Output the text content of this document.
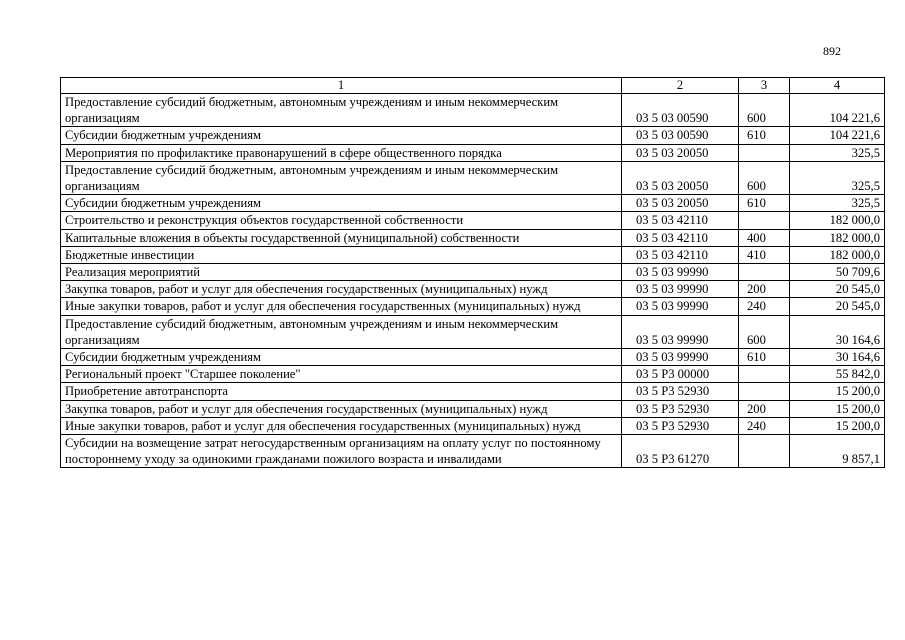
892
1	2	3	4
Предоставление субсидий бюджетным, автономным учреждениям и иным некоммерческим организациям	03 5 03 00590	600	104 221,6
Субсидии бюджетным учреждениям	03 5 03 00590	610	104 221,6
Мероприятия по профилактике правонарушений в сфере общественного порядка	03 5 03 20050		325,5
Предоставление субсидий бюджетным, автономным учреждениям и иным некоммерческим организациям	03 5 03 20050	600	325,5
Субсидии бюджетным учреждениям	03 5 03 20050	610	325,5
Строительство и реконструкция объектов государственной собственности	03 5 03 42110		182 000,0
Капитальные вложения в объекты государственной (муниципальной) собственности	03 5 03 42110	400	182 000,0
Бюджетные инвестиции	03 5 03 42110	410	182 000,0
Реализация мероприятий	03 5 03 99990		50 709,6
Закупка товаров, работ и услуг для обеспечения государственных (муниципальных) нужд	03 5 03 99990	200	20 545,0
Иные закупки товаров, работ и услуг для обеспечения государственных (муниципальных) нужд	03 5 03 99990	240	20 545,0
Предоставление субсидий бюджетным, автономным учреждениям и иным некоммерческим организациям	03 5 03 99990	600	30 164,6
Субсидии бюджетным учреждениям	03 5 03 99990	610	30 164,6
Региональный проект "Старшее поколение"	03 5 Р3 00000		55 842,0
Приобретение автотранспорта	03 5 Р3 52930		15 200,0
Закупка товаров, работ и услуг для обеспечения государственных (муниципальных) нужд	03 5 Р3 52930	200	15 200,0
Иные закупки товаров, работ и услуг для обеспечения государственных (муниципальных) нужд	03 5 Р3 52930	240	15 200,0
Субсидии на возмещение затрат негосударственным организациям на оплату услуг по постоянному постороннему уходу за одинокими гражданами пожилого возраста и инвалидами	03 5 Р3 61270		9 857,1
